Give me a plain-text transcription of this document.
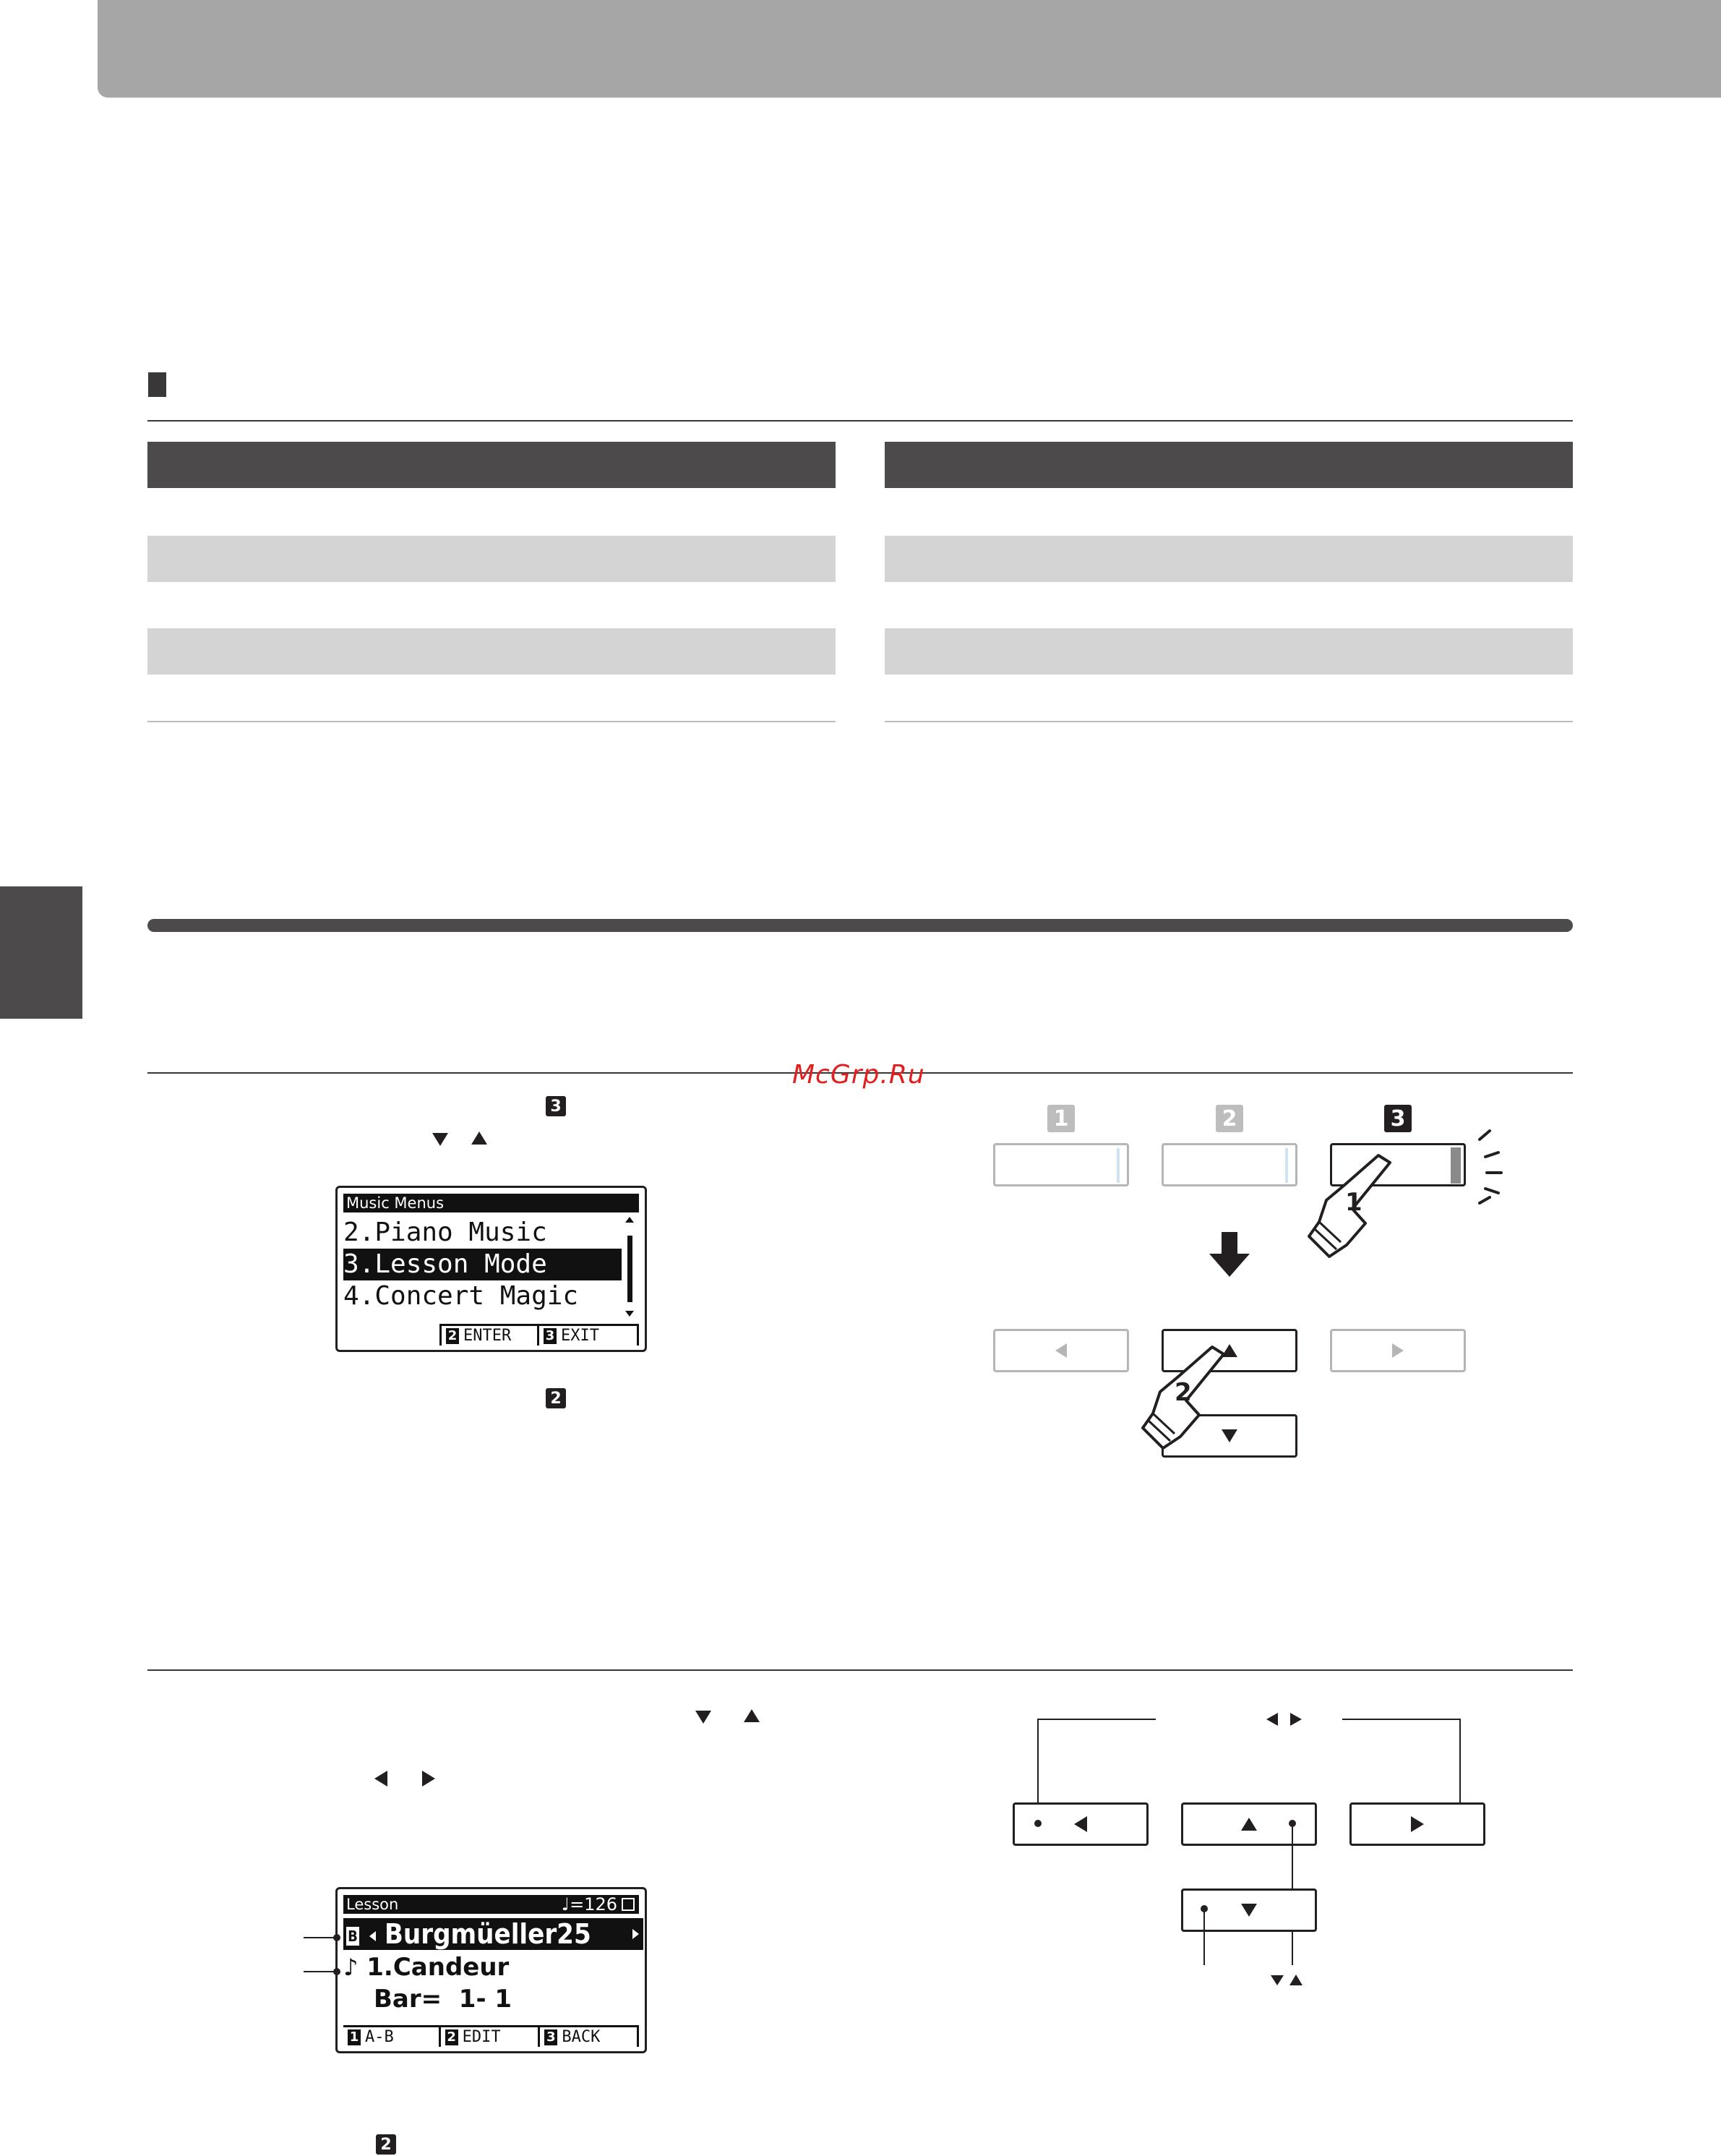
McGrp.Ru
3
Music Menus
2.Piano Music
3.Lesson Mode
4.Concert Magic
2 ENTER	3 EXIT
2
1	2	3
1
2
Lesson	♩=126
B Burgmüeller25
♪ 1.Candeur
Bar=  1- 1
1 A-B	2 EDIT	3 BACK
2
